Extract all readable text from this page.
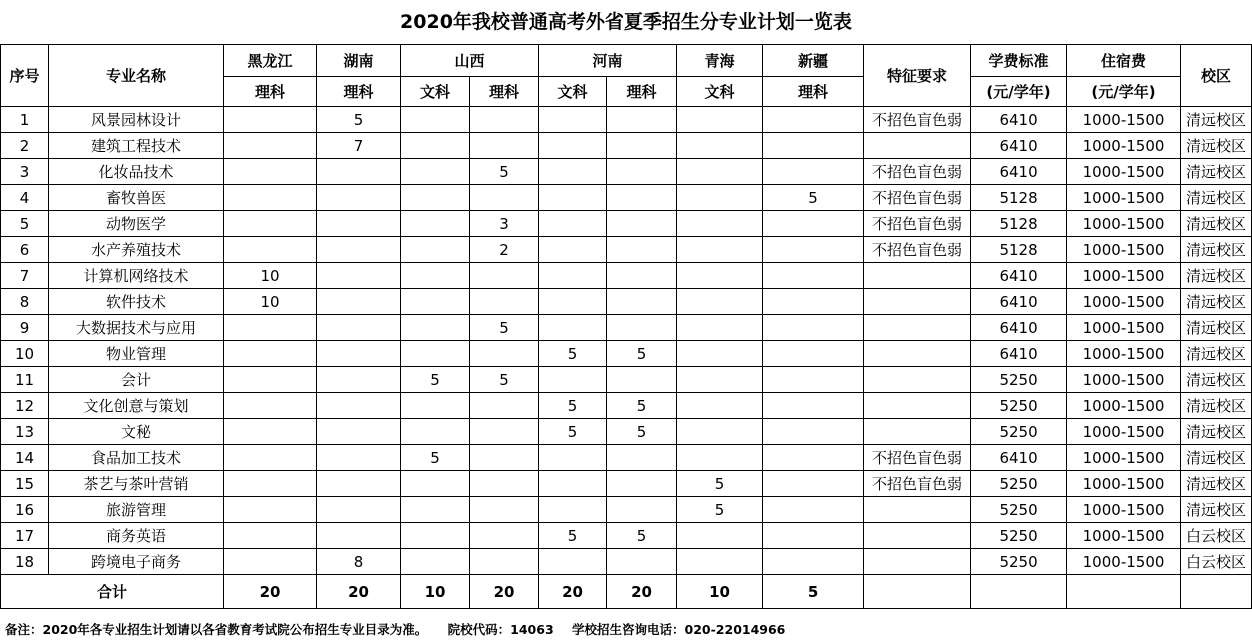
2020年我校普通高考外省夏季招生分专业计划一览表
序号	专业名称	黑龙江	湖南	山西		河南		青海	新疆	特征要求	学费标准	住宿费	校区
		理科	理科	文科	理科	文科	理科	文科	理科		(元/学年)	(元/学年)	
1	风景园林设计		5							不招色盲色弱	6410	1000-1500	清远校区
2	建筑工程技术		7								6410	1000-1500	清远校区
3	化妆品技术				5					不招色盲色弱	6410	1000-1500	清远校区
4	畜牧兽医								5	不招色盲色弱	5128	1000-1500	清远校区
5	动物医学				3					不招色盲色弱	5128	1000-1500	清远校区
6	水产养殖技术				2					不招色盲色弱	5128	1000-1500	清远校区
7	计算机网络技术	10									6410	1000-1500	清远校区
8	软件技术	10									6410	1000-1500	清远校区
9	大数据技术与应用				5						6410	1000-1500	清远校区
10	物业管理					5	5				6410	1000-1500	清远校区
11	会计			5	5						5250	1000-1500	清远校区
12	文化创意与策划					5	5				5250	1000-1500	清远校区
13	文秘					5	5				5250	1000-1500	清远校区
14	食品加工技术			5						不招色盲色弱	6410	1000-1500	清远校区
15	茶艺与茶叶营销							5		不招色盲色弱	5250	1000-1500	清远校区
16	旅游管理							5			5250	1000-1500	清远校区
17	商务英语					5	5				5250	1000-1500	白云校区
18	跨境电子商务		8								5250	1000-1500	白云校区
合计		20	20	10	20	20	20	10	5				
备注：2020年各专业招生计划请以各省教育考试院公布招生专业目录为准。 院校代码：14063 学校招生咨询电话：020-22014966
